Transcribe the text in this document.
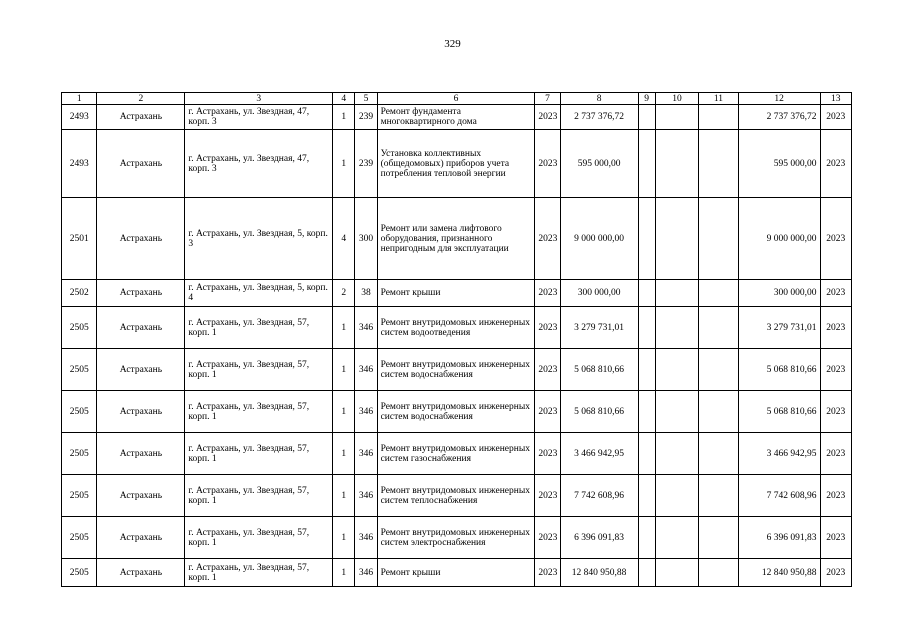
329
1	2	3	4	5	6	7	8	9	10	11	12	13
2493	Астрахань	г. Астрахань, ул. Звездная, 47, корп. 3	1	239	Ремонт фундамента многоквартирного дома	2023	2 737 376,72				2 737 376,72	2023
2493	Астрахань	г. Астрахань, ул. Звездная, 47, корп. 3	1	239	Установка коллективных (общедомовых) приборов учета потребления тепловой энергии	2023	595 000,00				595 000,00	2023
2501	Астрахань	г. Астрахань, ул. Звездная, 5, корп. 3	4	300	Ремонт или замена лифтового оборудования, признанного непригодным для эксплуатации	2023	9 000 000,00				9 000 000,00	2023
2502	Астрахань	г. Астрахань, ул. Звездная, 5, корп. 4	2	38	Ремонт крыши	2023	300 000,00				300 000,00	2023
2505	Астрахань	г. Астрахань, ул. Звездная, 57, корп. 1	1	346	Ремонт внутридомовых инженерных систем водоотведения	2023	3 279 731,01				3 279 731,01	2023
2505	Астрахань	г. Астрахань, ул. Звездная, 57, корп. 1	1	346	Ремонт внутридомовых инженерных систем водоснабжения	2023	5 068 810,66				5 068 810,66	2023
2505	Астрахань	г. Астрахань, ул. Звездная, 57, корп. 1	1	346	Ремонт внутридомовых инженерных систем водоснабжения	2023	5 068 810,66				5 068 810,66	2023
2505	Астрахань	г. Астрахань, ул. Звездная, 57, корп. 1	1	346	Ремонт внутридомовых инженерных систем газоснабжения	2023	3 466 942,95				3 466 942,95	2023
2505	Астрахань	г. Астрахань, ул. Звездная, 57, корп. 1	1	346	Ремонт внутридомовых инженерных систем теплоснабжения	2023	7 742 608,96				7 742 608,96	2023
2505	Астрахань	г. Астрахань, ул. Звездная, 57, корп. 1	1	346	Ремонт внутридомовых инженерных систем электроснабжения	2023	6 396 091,83				6 396 091,83	2023
2505	Астрахань	г. Астрахань, ул. Звездная, 57, корп. 1	1	346	Ремонт крыши	2023	12 840 950,88				12 840 950,88	2023
